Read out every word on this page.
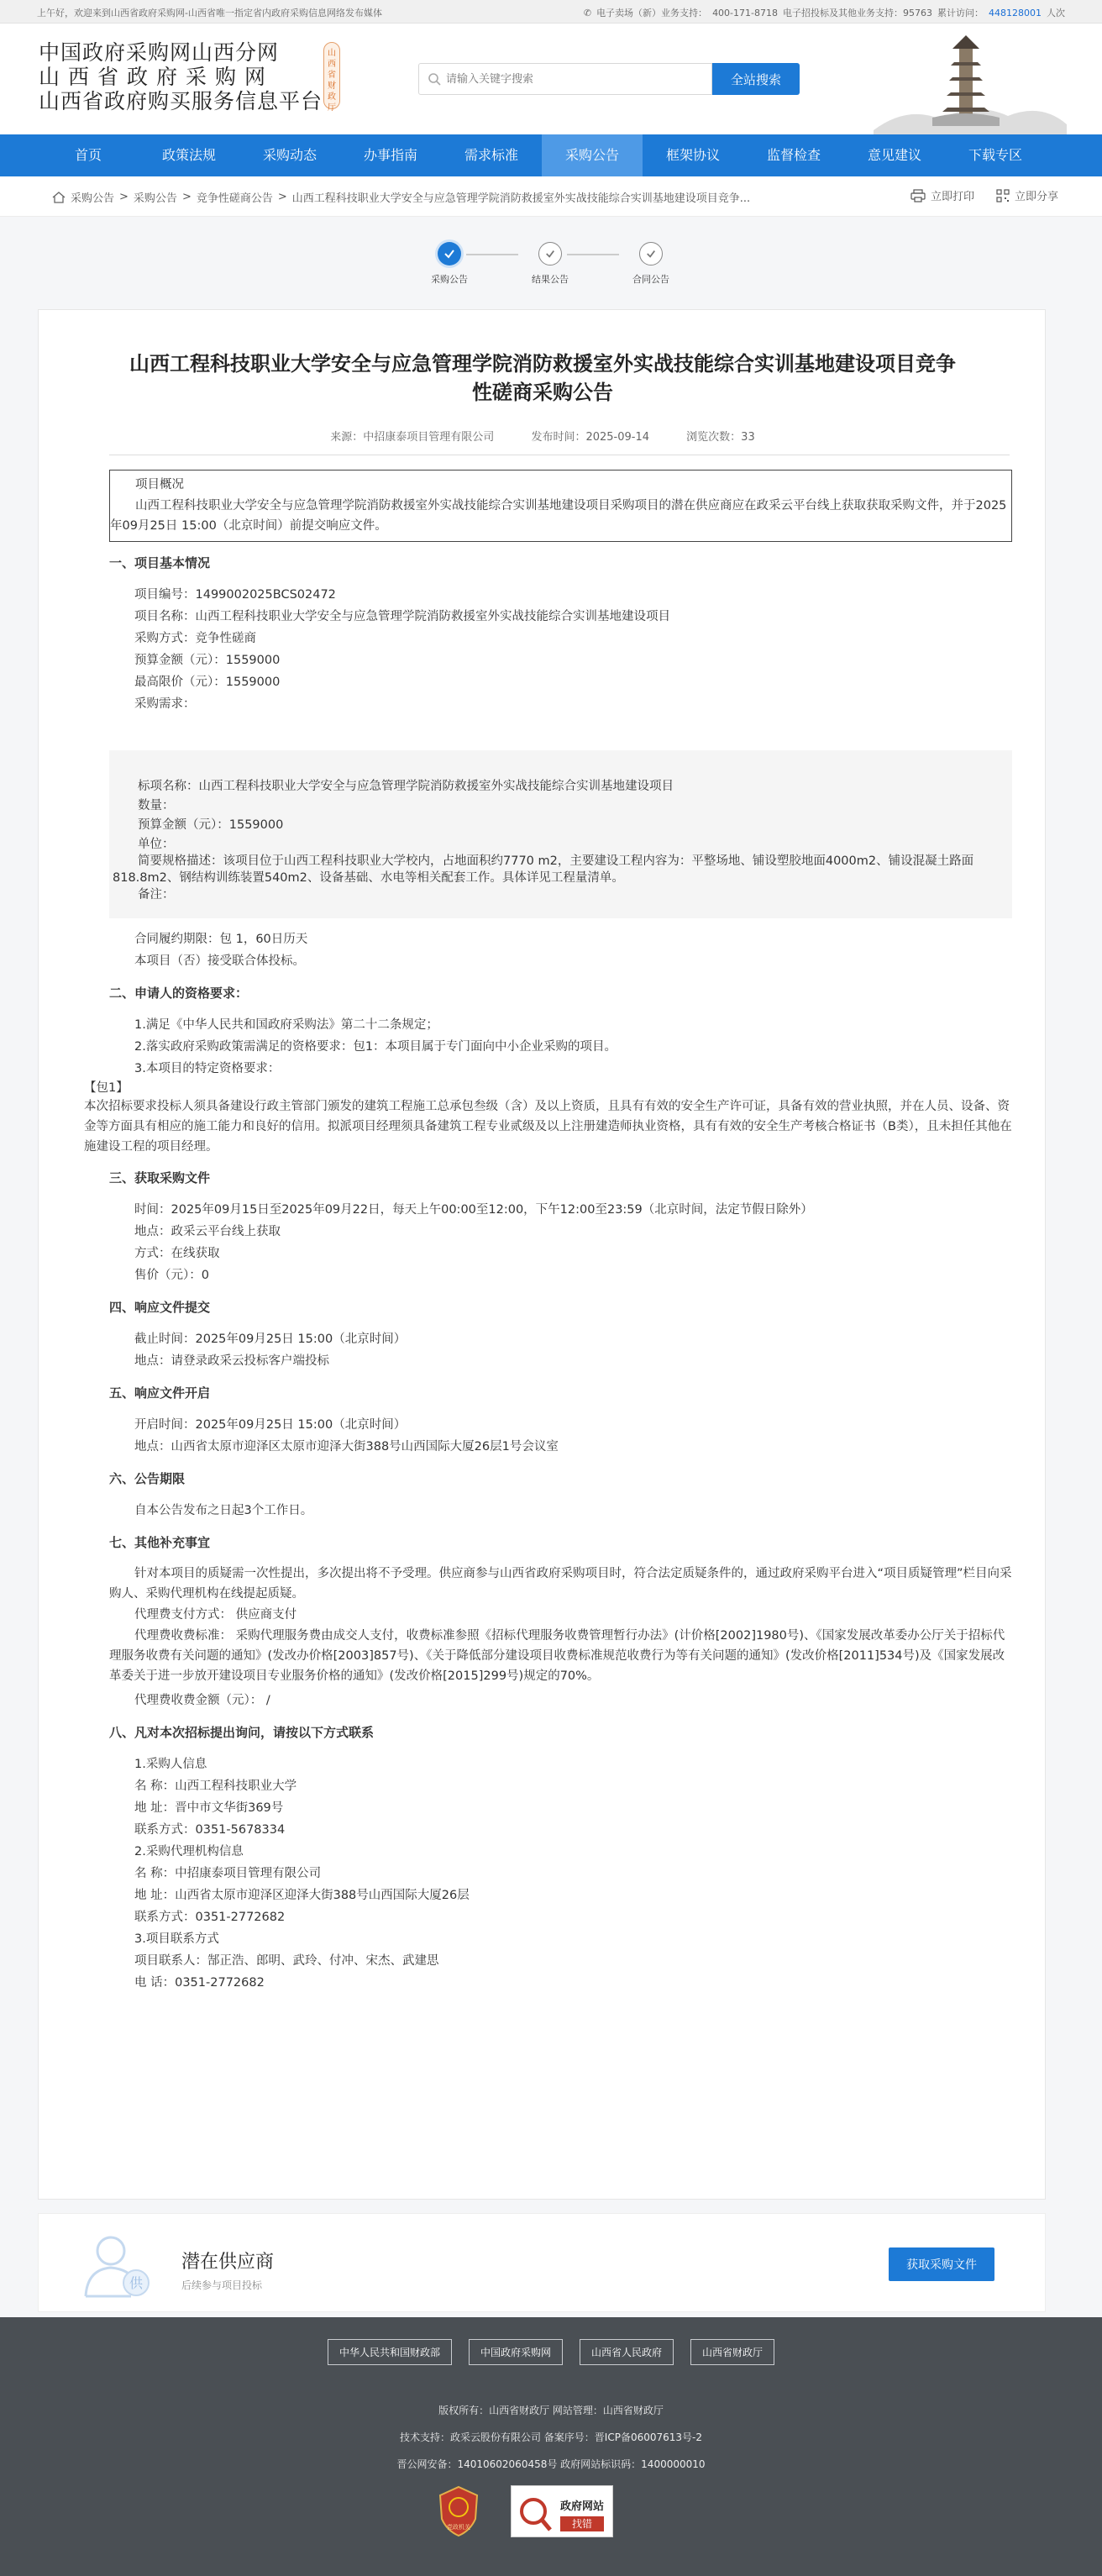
上午好，欢迎来到山西省政府采购网-山西省唯一指定省内政府采购信息网络发布媒体	✆ 电子卖场（新）业务支持： 400-171-8718 电子招投标及其他业务支持：95763 累计访问： 448128001 人次
中国政府采购网山西分网
山西省政府采购网
山西省政府购买服务信息平台
山西省财政厅
请输入关键字搜索
全站搜索
首页	政策法规	采购动态	办事指南	需求标准	采购公告	框架协议	监督检查	意见建议	下载专区
采购公告 > 采购公告 > 竞争性磋商公告 > 山西工程科技职业大学安全与应急管理学院消防救援室外实战技能综合实训基地建设项目竞争...	立即打印	立即分享
采购公告	结果公告	合同公告
山西工程科技职业大学安全与应急管理学院消防救援室外实战技能综合实训基地建设项目竞争性磋商采购公告
来源：中招康泰项目管理有限公司	发布时间：2025-09-14	浏览次数：33
项目概况
山西工程科技职业大学安全与应急管理学院消防救援室外实战技能综合实训基地建设项目采购项目的潜在供应商应在政采云平台线上获取获取采购文件，并于2025年09月25日 15:00（北京时间）前提交响应文件。
一、项目基本情况
项目编号：1499002025BCS02472
项目名称：山西工程科技职业大学安全与应急管理学院消防救援室外实战技能综合实训基地建设项目
采购方式：竞争性磋商
预算金额（元）：1559000
最高限价（元）：1559000
采购需求：
标项名称：山西工程科技职业大学安全与应急管理学院消防救援室外实战技能综合实训基地建设项目
数量：
预算金额（元）：1559000
单位：
简要规格描述：该项目位于山西工程科技职业大学校内，占地面积约7770 m2，主要建设工程内容为：平整场地、铺设塑胶地面4000m2、铺设混凝土路面818.8m2、钢结构训练装置540m2、设备基础、水电等相关配套工作。具体详见工程量清单。
备注：
合同履约期限：包 1，60日历天
本项目（否）接受联合体投标。
二、申请人的资格要求：
1.满足《中华人民共和国政府采购法》第二十二条规定；
2.落实政府采购政策需满足的资格要求：包1：本项目属于专门面向中小企业采购的项目。
3.本项目的特定资格要求：
【包1】
本次招标要求投标人须具备建设行政主管部门颁发的建筑工程施工总承包叁级（含）及以上资质，且具有有效的安全生产许可证，具备有效的营业执照，并在人员、设备、资金等方面具有相应的施工能力和良好的信用。拟派项目经理须具备建筑工程专业贰级及以上注册建造师执业资格，具有有效的安全生产考核合格证书（B类），且未担任其他在施建设工程的项目经理。
三、获取采购文件
时间：2025年09月15日至2025年09月22日，每天上午00:00至12:00，下午12:00至23:59（北京时间，法定节假日除外）
地点：政采云平台线上获取
方式：在线获取
售价（元）：0
四、响应文件提交
截止时间：2025年09月25日 15:00（北京时间）
地点：请登录政采云投标客户端投标
五、响应文件开启
开启时间：2025年09月25日 15:00（北京时间）
地点：山西省太原市迎泽区太原市迎泽大街388号山西国际大厦26层1号会议室
六、公告期限
自本公告发布之日起3个工作日。
七、其他补充事宜
针对本项目的质疑需一次性提出，多次提出将不予受理。供应商参与山西省政府采购项目时，符合法定质疑条件的，通过政府采购平台进入“项目质疑管理”栏目向采购人、采购代理机构在线提起质疑。
代理费支付方式： 供应商支付
代理费收费标准： 采购代理服务费由成交人支付，收费标准参照《招标代理服务收费管理暂行办法》(计价格[2002]1980号)、《国家发展改革委办公厅关于招标代理服务收费有关问题的通知》(发改办价格[2003]857号)、《关于降低部分建设项目收费标准规范收费行为等有关问题的通知》(发改价格[2011]534号)及《国家发展改革委关于进一步放开建设项目专业服务价格的通知》(发改价格[2015]299号)规定的70%。
代理费收费金额（元）： /
八、凡对本次招标提出询问，请按以下方式联系
1.采购人信息
名 称：山西工程科技职业大学
地 址：晋中市文华街369号
联系方式：0351-5678334
2.采购代理机构信息
名 称：中招康泰项目管理有限公司
地 址：山西省太原市迎泽区迎泽大街388号山西国际大厦26层
联系方式：0351-2772682
3.项目联系方式
项目联系人：郜正浩、郎明、武玲、付冲、宋杰、武建思
电 话：0351-2772682
供
潜在供应商
后续参与项目投标
获取采购文件
中华人民共和国财政部	中国政府采购网	山西省人民政府	山西省财政厅
版权所有：山西省财政厅 网站管理：山西省财政厅
技术支持：政采云股份有限公司 备案序号：晋ICP备06007613号-2
晋公网安备：14010602060458号 政府网站标识码：1400000010
党政机关
政府网站
找错
